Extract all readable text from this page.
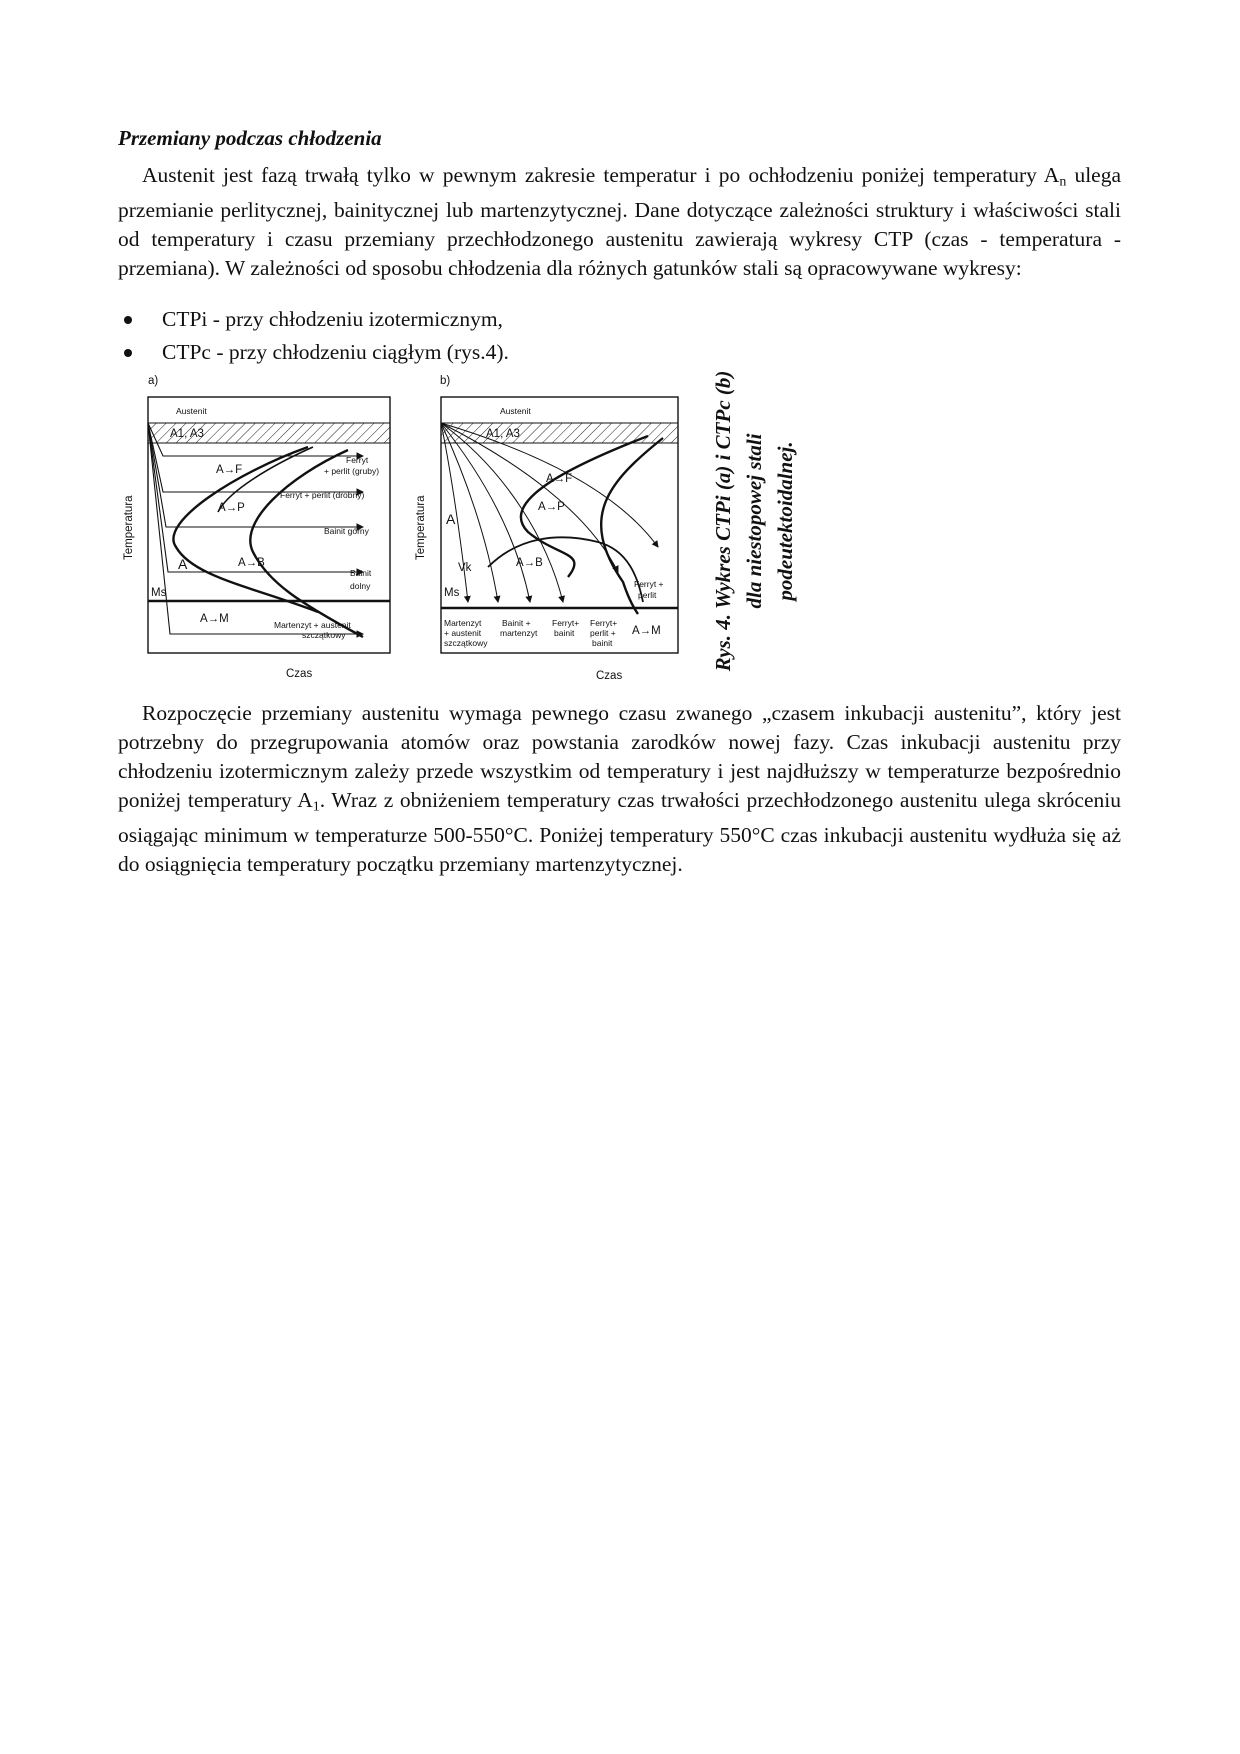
Przemiany podczas chłodzenia

Austenit jest fazą trwałą tylko w pewnym zakresie temperatur i po ochłodzeniu poniżej temperatury $A_n$ ulega przemianie perlitycznej, bainitycznej lub martenzytycznej. Dane dotyczące zależności struktury i właściwości stali od temperatury i czasu przemiany przechłodzonego austenitu zawierają wykresy CTP (czas - temperatura - przemiana). W zależności od sposobu chłodzenia dla różnych gatunków stali są opracowywane wykresy:

CTPi - przy chłodzeniu izotermicznym,
CTPc - przy chłodzeniu ciągłym (rys.4).
a)
Austenit
A1, A3
Temperatura
Czas
A→F
A→P
A→B
A
Ms
A→M
Ferryt
+ perlit (gruby)
Ferryt + perlit (drobny)
Bainit górny
Bainit
dolny
Martenzyt + austenit
szczątkowy
b)
Austenit
A1, A3
Temperatura
Czas
A→F
A→P
A→B
A
Vk
Ms
Ferryt +
perlit
Martenzyt
+ austenit
szczątkowy
Bainit +
martenzyt
Ferryt+
bainit
Ferryt+
perlit +
bainit
A→M Rys. 4. Wykres CTPi (a) i CTPc (b) dla niestopowej stali podeutektoidalnej.

Rozpoczęcie przemiany austenitu wymaga pewnego czasu zwanego „czasem inkubacji austenitu”, który jest potrzebny do przegrupowania atomów oraz powstania zarodków nowej fazy. Czas inkubacji austenitu przy chłodzeniu izotermicznym zależy przede wszystkim od temperatury i jest najdłuższy w temperaturze bezpośrednio poniżej temperatury $A_1$. Wraz z obniżeniem temperatury czas trwałości przechłodzonego austenitu ulega skróceniu osiągając minimum w temperaturze 500-550°C. Poniżej temperatury 550°C czas inkubacji austenitu wydłuża się aż do osiągnięcia temperatury początku przemiany martenzytycznej.
